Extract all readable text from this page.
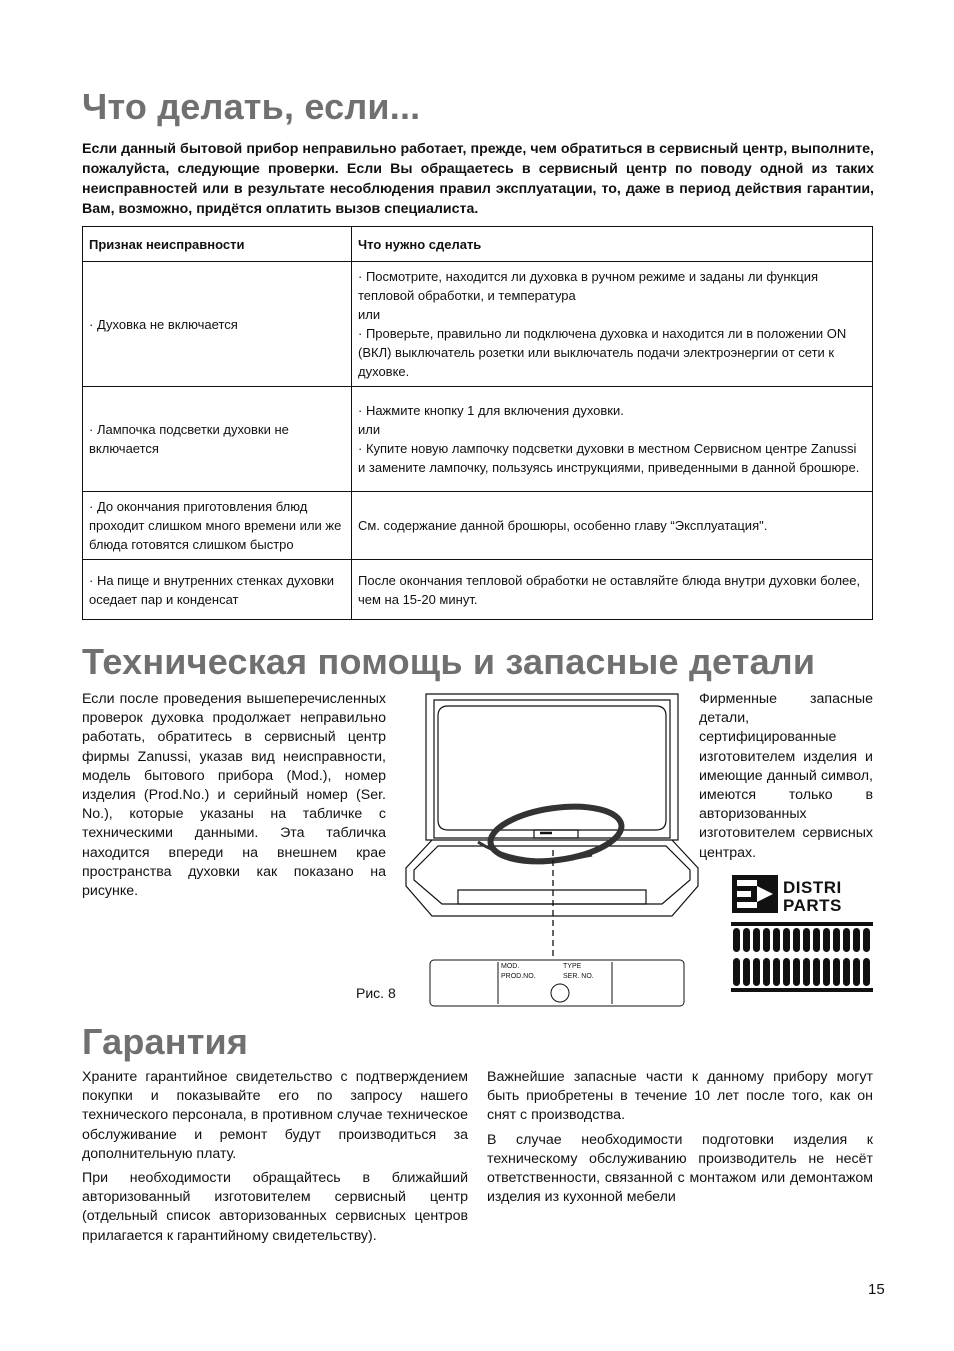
Что делать, если...
Если данный бытовой прибор неправильно работает, прежде, чем обратиться в сервисный центр, выполните, пожалуйста, следующие проверки. Если Вы обращаетесь в сервисный центр по поводу одной из таких неисправностей или в результате несоблюдения правил эксплуатации, то, даже в период действия гарантии, Вам, возможно, придётся оплатить вызов специалиста.
Признак неисправности	Что нужно сделать
· Духовка не включается	· Посмотрите, находится ли духовка в ручном режиме и заданы ли функция тепловой обработки, и температура
или
· Проверьте, правильно ли подключена духовка и находится ли в положении ON (ВКЛ) выключатель розетки или выключатель подачи электроэнергии от сети к духовке.

· Лампочка подсветки духовки не включается	· Нажмите кнопку 1 для включения духовки.
или
· Купите новую лампочку подсветки духовки в местном Сервисном центре Zanussi и замените лампочку, пользуясь инструкциями, приведенными в данной брошюре.

· До окончания приготовления блюд проходит слишком много времени или же блюда готовятся слишком быстро	См. содержание данной брошюры, особенно главу “Эксплуатация".

· На пище и внутренних стенках духовки оседает пар и конденсат	После окончания тепловой обработки не оставляйте блюда внутри духовки более, чем на 15-20 минут.
Техническая помощь и запасные детали
Если после проведения вышеперечисленных проверок духовка продолжает неправильно работать, обратитесь в сервисный центр фирмы Zanussi, указав вид неисправности, модель бытового прибора (Mod.), номер изделия (Prod.No.) и серийный номер (Ser. No.), которые указаны на табличке с техническими данными. Эта табличка находится впереди на внешнем крае пространства духовки как показано на рисунке.
Фирменные запасные детали, сертифицированные изготовителем изделия и имеющие данный символ, имеются только в авторизованных изготовителем сервисных центрах.
MOD.	TYPE
PROD.NO.	SER. NO.
Рис. 8
DISTRI
PARTS
Гарантия

Храните гарантийное свидетельство с подтверждением покупки и показывайте его по запросу нашего технического персонала, в противном случае техническое обслуживание и ремонт будут производиться за дополнительную плату.

При необходимости обращайтесь в ближайший авторизованный изготовителем сервисный центр (отдельный список авторизованных сервисных центров прилагается к гарантийному свидетельству).

Важнейшие запасные части к данному прибору могут быть приобретены в течение 10 лет после того, как он снят с производства.

В случае необходимости подготовки изделия к техническому обслуживанию производитель не несёт ответственности, связанной с монтажом или демонтажом изделия из кухонной мебели

15
